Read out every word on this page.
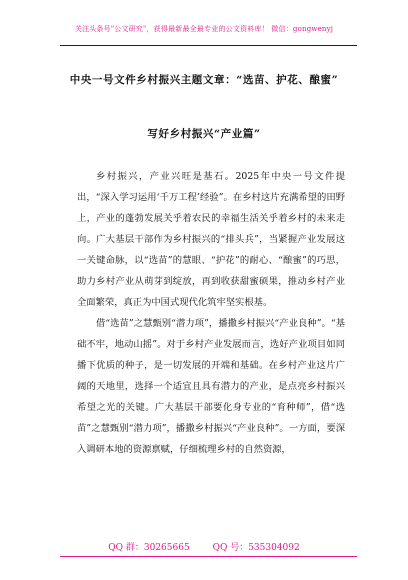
关注头条号"公文研究"，获得最新最全最专业的公文资料库！ 微信：gongwenyj
中央一号文件乡村振兴主题文章：“选苗、护花、酿蜜”
写好乡村振兴“产业篇”

乡村振兴，产业兴旺是基石。2025年中央一号文件提出，“深入学习运用‘千万工程’经验”。在乡村这片充满希望的田野上，产业的蓬勃发展关乎着农民的幸福生活关乎着乡村的未来走向。广大基层干部作为乡村振兴的“排头兵”，当紧握产业发展这一关键命脉，以“选苗”的慧眼、“护花”的耐心、“酿蜜”的巧思，助力乡村产业从萌芽到绽放，再到收获甜蜜硕果，推动乡村产业全面繁荣，真正为中国式现代化筑牢坚实根基。

借“选苗”之慧甄别“潜力项”，播撒乡村振兴“产业良种”。“基础不牢，地动山摇”。对于乡村产业发展而言，选好产业项目如同播下优质的种子，是一切发展的开端和基础。在乡村产业这片广阔的天地里，选择一个适宜且具有潜力的产业，是点亮乡村振兴希望之光的关键。广大基层干部要化身专业的“育种师”，借“选苗”之慧甄别“潜力项”，播撒乡村振兴“产业良种”。一方面，要深入调研本地的资源禀赋，仔细梳理乡村的自然资源，

QQ 群：30265665	QQ 号：535304092
